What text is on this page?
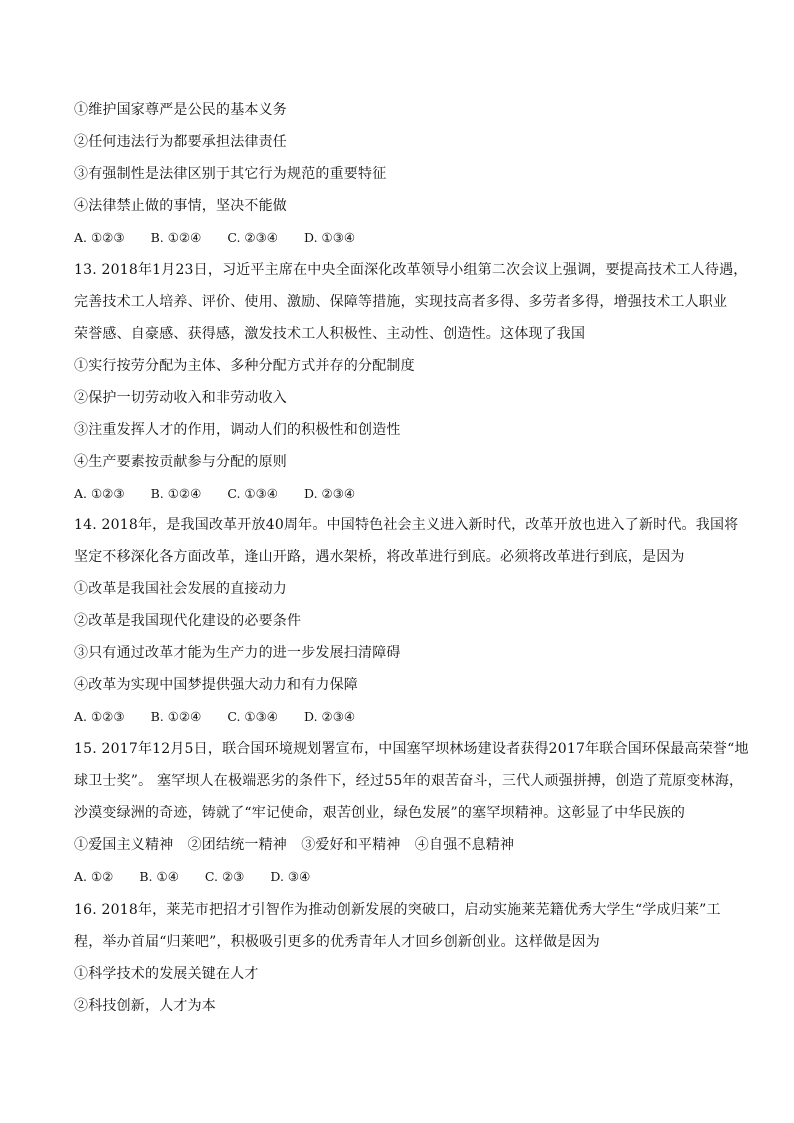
①维护国家尊严是公民的基本义务
②任何违法行为都要承担法律责任
③有强制性是法律区别于其它行为规范的重要特征
④法律禁止做的事情，坚决不能做
A. ①②③ B. ①②④ C. ②③④ D. ①③④
13. 2018年1月23日，习近平主席在中央全面深化改革领导小组第二次会议上强调，要提高技术工人待遇，
完善技术工人培养、评价、使用、激励、保障等措施，实现技高者多得、多劳者多得，增强技术工人职业
荣誉感、自豪感、获得感，激发技术工人积极性、主动性、创造性。这体现了我国
①实行按劳分配为主体、多种分配方式并存的分配制度
②保护一切劳动收入和非劳动收入
③注重发挥人才的作用，调动人们的积极性和创造性
④生产要素按贡献参与分配的原则
A. ①②③ B. ①②④ C. ①③④ D. ②③④
14. 2018年，是我国改革开放40周年。中国特色社会主义进入新时代，改革开放也进入了新时代。我国将
坚定不移深化各方面改革，逢山开路，遇水架桥，将改革进行到底。必须将改革进行到底，是因为
①改革是我国社会发展的直接动力
②改革是我国现代化建设的必要条件
③只有通过改革才能为生产力的进一步发展扫清障碍
④改革为实现中国梦提供强大动力和有力保障
A. ①②③ B. ①②④ C. ①③④ D. ②③④
15. 2017年12月5日，联合国环境规划署宣布，中国塞罕坝林场建设者获得2017年联合国环保最高荣誉“地
球卫士奖”。 塞罕坝人在极端恶劣的条件下，经过55年的艰苦奋斗，三代人顽强拼搏，创造了荒原变林海，
沙漠变绿洲的奇迹，铸就了“牢记使命，艰苦创业，绿色发展”的塞罕坝精神。这彰显了中华民族的
①爱国主义精神　②团结统一精神　③爱好和平精神　④自强不息精神
A. ①② B. ①④ C. ②③ D. ③④
16. 2018年，莱芜市把招才引智作为推动创新发展的突破口，启动实施莱芜籍优秀大学生“学成归莱”工
程，举办首届“归莱吧”，积极吸引更多的优秀青年人才回乡创新创业。这样做是因为
①科学技术的发展关键在人才
②科技创新，人才为本
